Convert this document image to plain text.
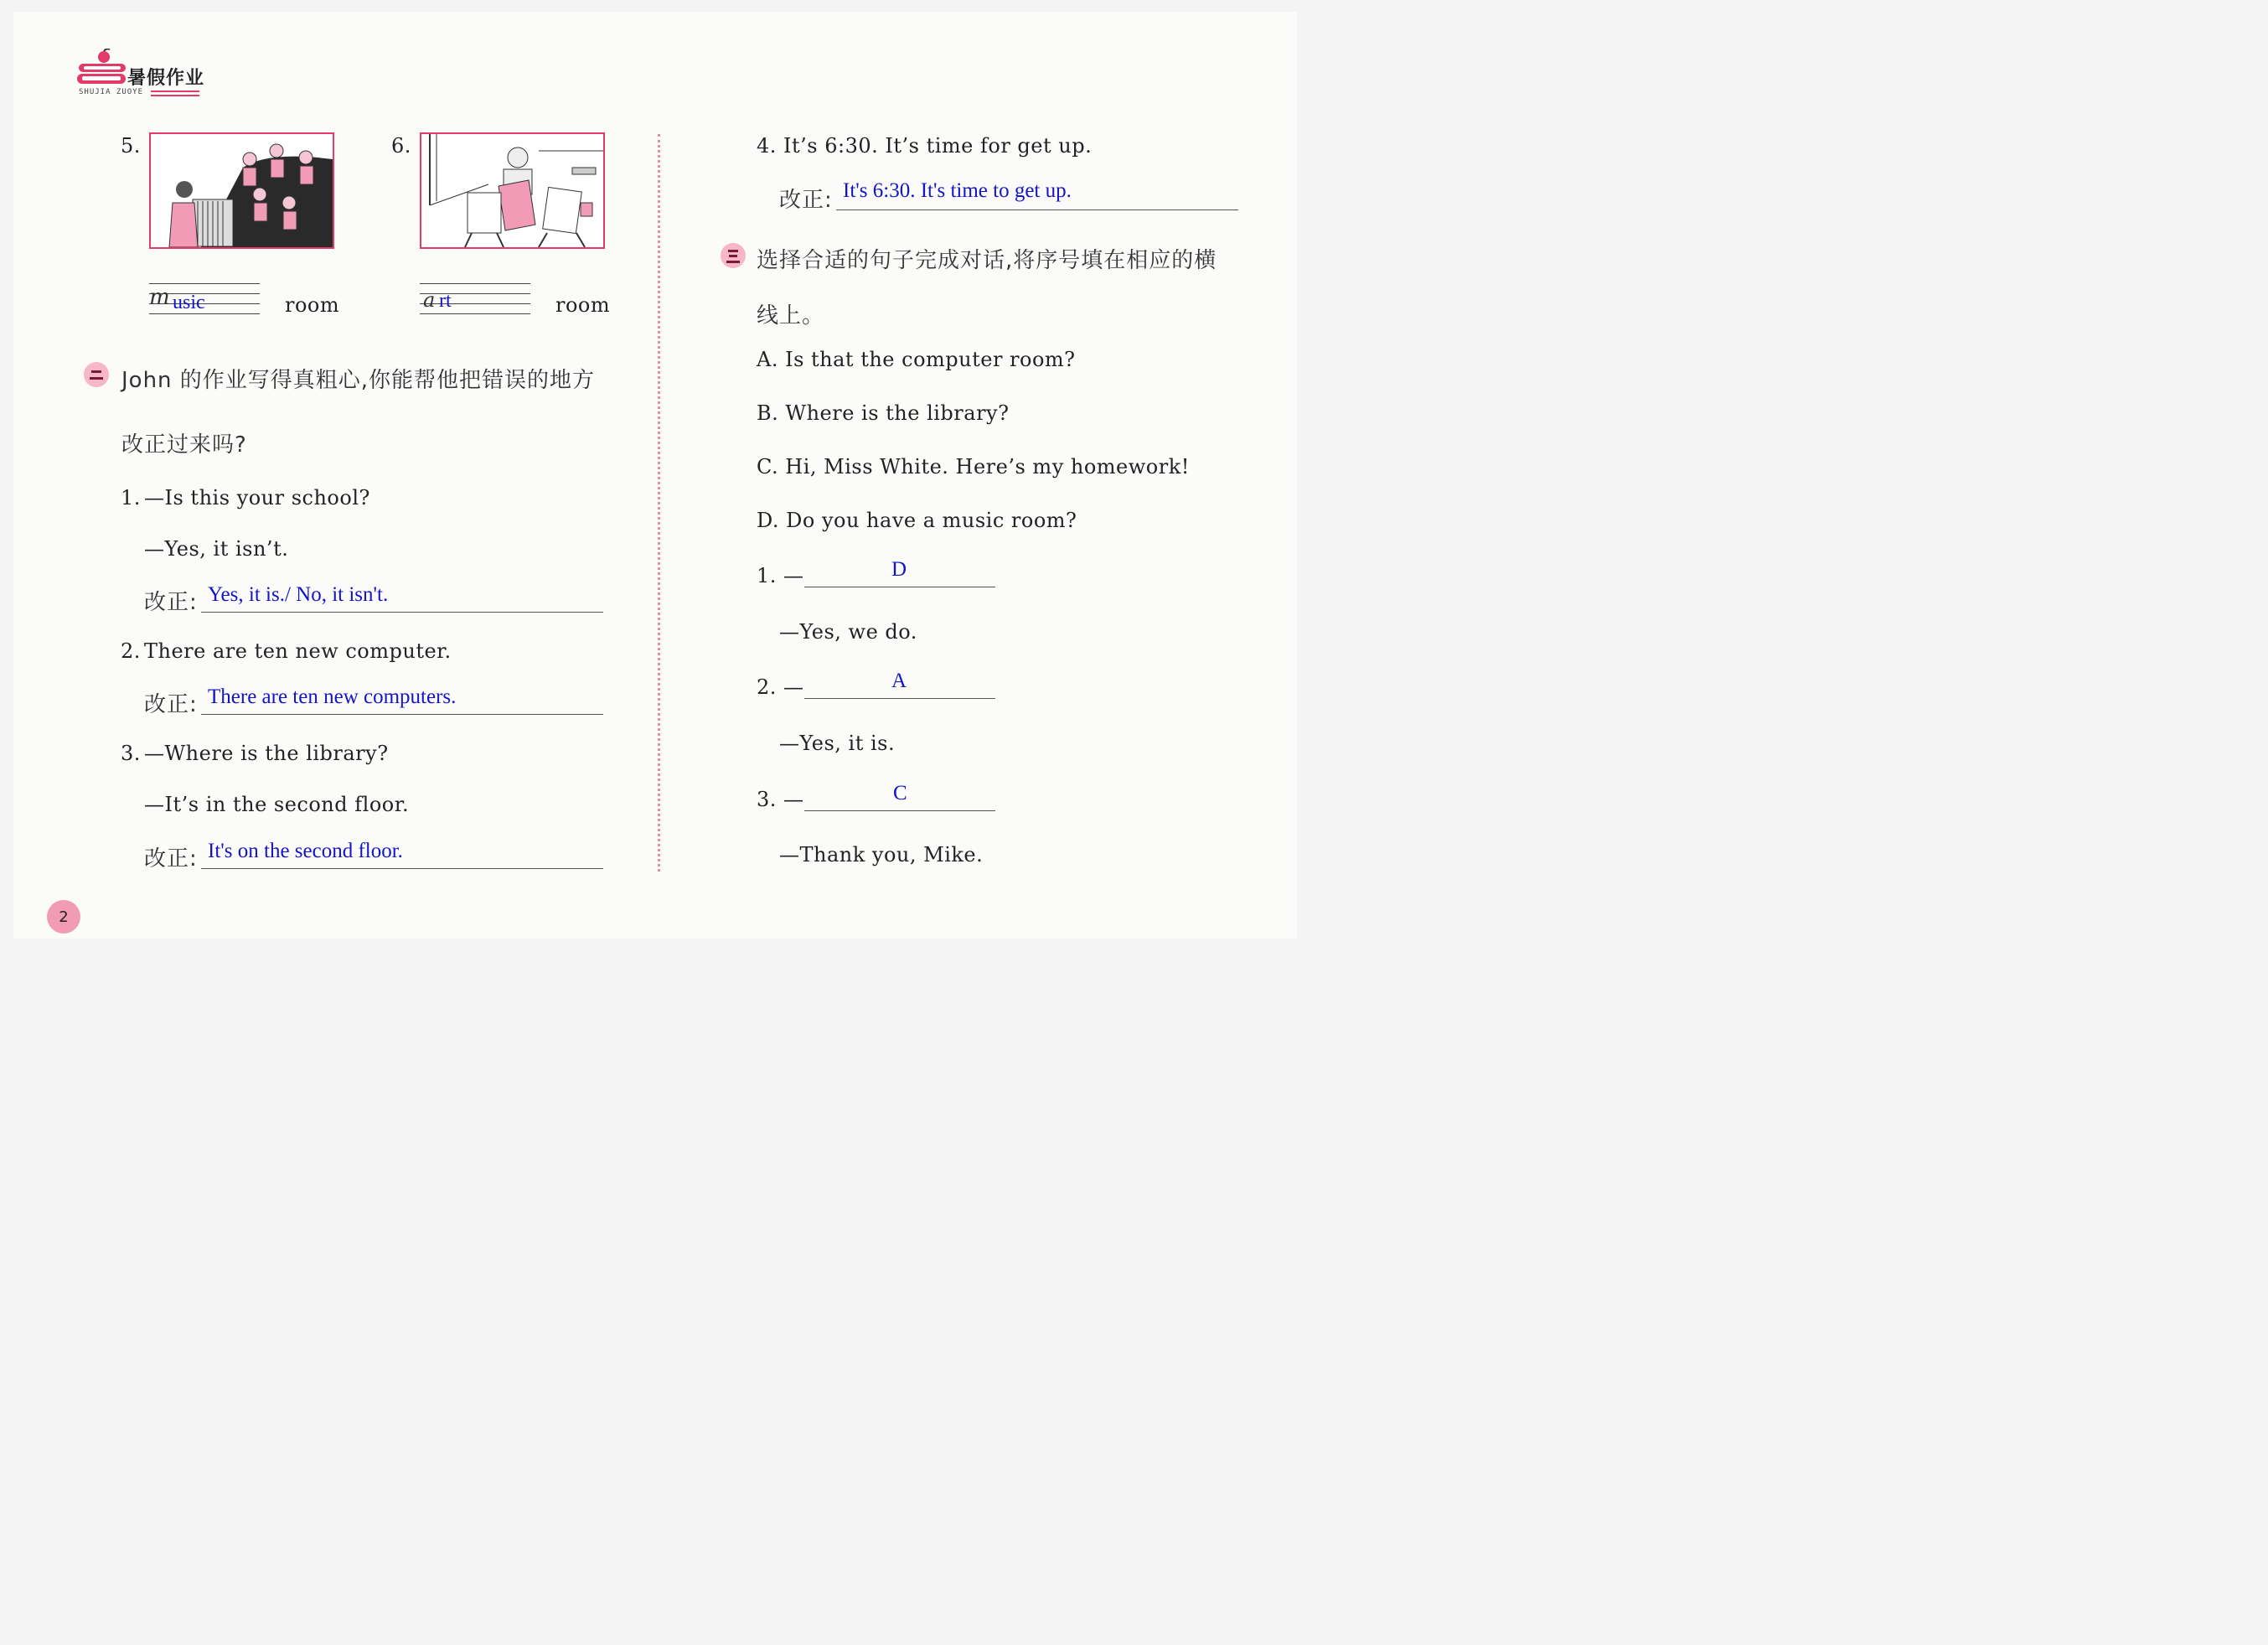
暑假作业
SHUJIA ZUOYE
5.
m usic	room
6.
a rt	room
John 的作业写得真粗心,你能帮他把错误的地方
改正过来吗?
1. —Is this your school?
—Yes, it isn’t.
改正: Yes, it is./ No, it isn't.
2. There are ten new computer.
改正: There are ten new computers.
3. —Where is the library?
—It’s in the second floor.
改正: It's on the second floor.
4. It’s 6:30. It’s time for get up.
改正: It's 6:30. It's time to get up.
选择合适的句子完成对话,将序号填在相应的横
线上。
A. Is that the computer room?
B. Where is the library?
C. Hi, Miss White. Here’s my homework!
D. Do you have a music room?
1. —	D
—Yes, we do.
2. —	A
—Yes, it is.
3. —	C
—Thank you, Mike.
2
